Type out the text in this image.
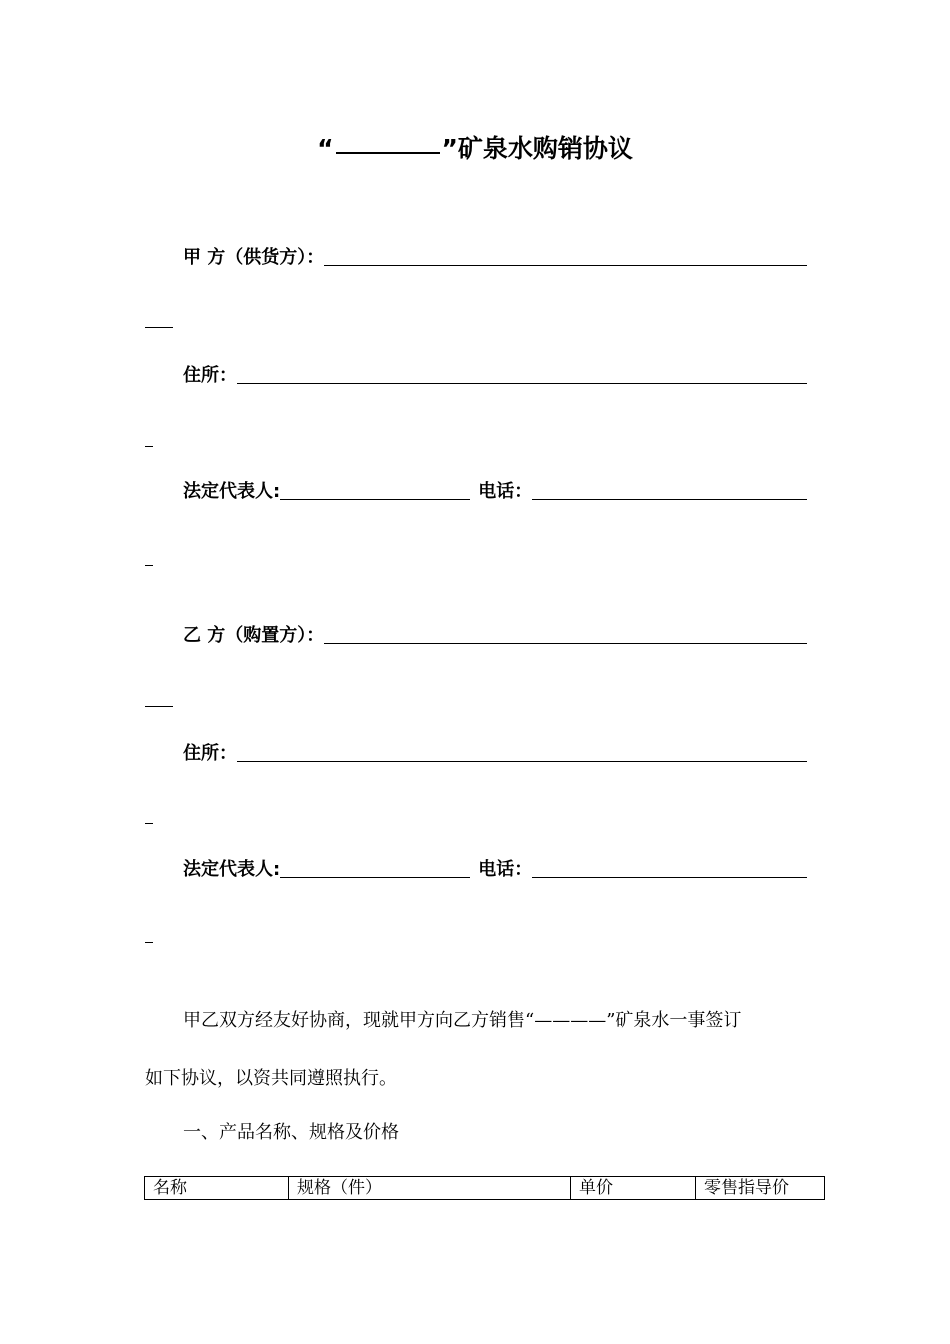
“	”矿泉水购销协议
甲 方（供货方）：
住所：
法定代表人:	电话：
乙 方（购置方）：
住所：
法定代表人:	电话：
甲乙双方经友好协商，现就甲方向乙方销售“————”矿泉水一事签订
如下协议，以资共同遵照执行。
一、产品名称、规格及价格
名称	规格（件）	单价	零售指导价
